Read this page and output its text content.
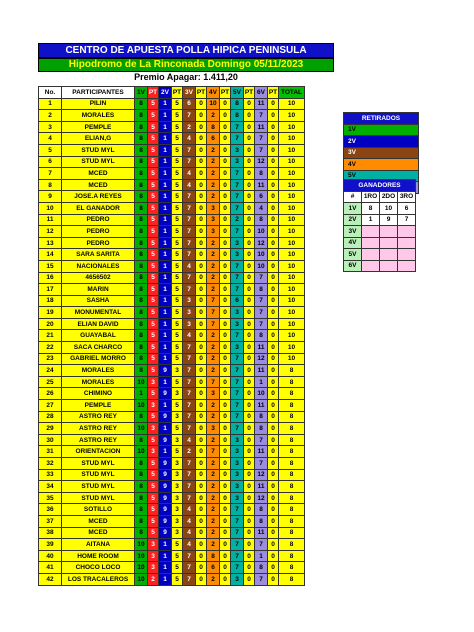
CENTRO DE APUESTA POLLA HIPICA PENINSULA
Hipodromo de La Rinconada Domingo 05/11/2023
Premio Apagar: 1.411,20
No.	PARTICIPANTES	1V	PT	2V	PT	3V	PT	4V	PT	5V	PT	6V	PT	TOTAL
1	PILIN	8	5	1	5	6	0	10	0	8	0	11	0	10
2	MORALES	8	5	1	5	7	0	2	0	8	0	7	0	10
3	PEMPLE	8	5	1	5	2	0	8	0	7	0	11	0	10
4	ELIAN,G	8	5	1	5	4	0	6	0	7	0	7	0	10
5	STUD MYL	8	5	1	5	7	0	2	0	3	0	7	0	10
6	STUD MYL	8	5	1	5	7	0	2	0	3	0	12	0	10
7	MCED	8	5	1	5	4	0	2	0	7	0	8	0	10
8	MCED	8	5	1	5	4	0	2	0	7	0	11	0	10
9	JOSE.A REYES	8	5	1	5	7	0	2	0	7	0	6	0	10
10	EL GANADOR	8	5	1	5	7	0	3	0	7	0	4	0	10
11	PEDRO	8	5	1	5	7	0	3	0	2	0	8	0	10
12	PEDRO	8	5	1	5	7	0	3	0	7	0	10	0	10
13	PEDRO	8	5	1	5	7	0	2	0	3	0	12	0	10
14	SARA SARITA	8	5	1	5	7	0	2	0	3	0	10	0	10
15	NACIONALES	8	5	1	5	4	0	2	0	7	0	10	0	10
16	4656502	8	5	1	5	7	0	2	0	7	0	7	0	10
17	MARIN	8	5	1	5	7	0	2	0	7	0	8	0	10
18	SASHA	8	5	1	5	3	0	7	0	6	0	7	0	10
19	MONUMENTAL	8	5	1	5	3	0	7	0	3	0	7	0	10
20	ELIAN DAVID	8	5	1	5	3	0	7	0	3	0	7	0	10
21	GUAYABAL	8	5	1	5	4	0	2	0	7	0	8	0	10
22	SACA CHARCO	8	5	1	5	7	0	2	0	3	0	11	0	10
23	GABRIEL MORRO	8	5	1	5	7	0	2	0	7	0	12	0	10
24	MORALES	8	5	9	3	7	0	2	0	7	0	11	0	8
25	MORALES	10	3	1	5	7	0	7	0	7	0	1	0	8
26	CHIMINO	1	5	9	3	7	0	3	0	7	0	10	0	8
27	PEMPLE	10	3	1	5	7	0	2	0	7	0	11	0	8
28	ASTRO REY	8	5	9	3	7	0	2	0	7	0	8	0	8
29	ASTRO REY	10	3	1	5	7	0	3	0	7	0	8	0	8
30	ASTRO REY	8	5	9	3	4	0	2	0	3	0	7	0	8
31	ORIENTACION	10	3	1	5	2	0	7	0	3	0	11	0	8
32	STUD MYL	8	5	9	3	7	0	2	0	3	0	7	0	8
33	STUD MYL	8	5	9	3	7	0	2	0	3	0	12	0	8
34	STUD MYL	8	5	9	3	7	0	2	0	3	0	11	0	8
35	STUD MYL	8	5	9	3	7	0	2	0	3	0	12	0	8
36	SOTILLO	8	5	9	3	4	0	2	0	7	0	8	0	8
37	MCED	8	5	9	3	4	0	2	0	7	0	8	0	8
38	MCED	8	5	9	3	4	0	2	0	7	0	11	0	8
39	AITANA	10	3	1	5	4	0	2	0	7	0	7	0	8
40	HOME ROOM	10	3	1	5	7	0	8	0	7	0	1	0	8
41	CHOCO LOCO	10	3	1	5	7	0	6	0	7	0	8	0	8
42	LOS TRACALEROS	10	2	1	5	7	0	2	0	3	0	7	0	8
RETIRADOS
1V
2V
3V
4V
5V

GANADORES			
#	1RO	2DO	3RO
1V	8	10	6
2V	1	9	7
3V			
4V			
5V			
6V			
